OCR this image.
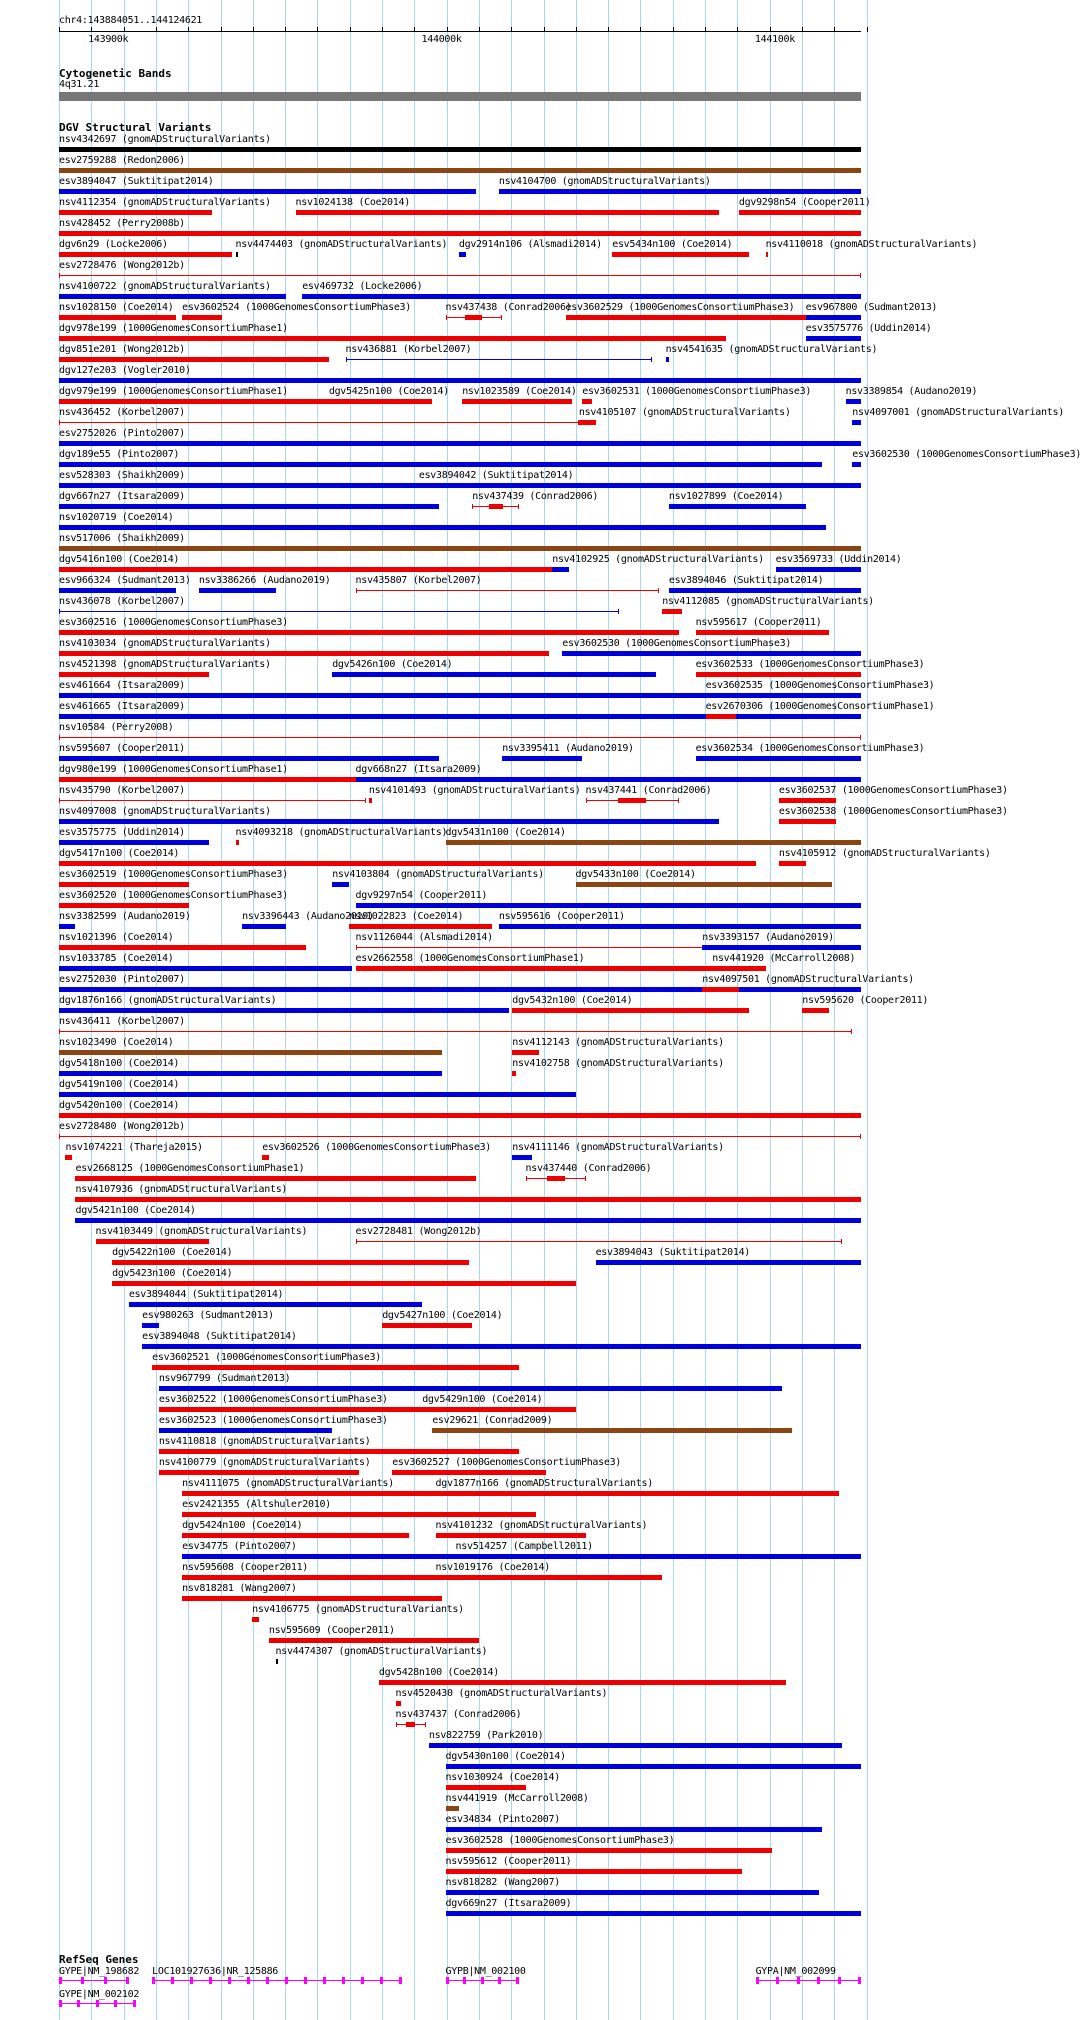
chr4:143884051..144124621
143900k	144000k	144100k
Cytogenetic Bands
4q31.21
DGV Structural Variants
nsv4342697 (gnomADStructuralVariants)
esv2759288 (Redon2006)
esv3894047 (Suktitipat2014)	nsv4104700 (gnomADStructuralVariants)
nsv4112354 (gnomADStructuralVariants) nsv1024138 (Coe2014)	dgv9298n54 (Cooper2011)
nsv428452 (Perry2008b)
dgv6n29 (Locke2006)	nsv4474403 (gnomADStructuralVariants) dgv2914n106 (Alsmadi2014) esv5434n100 (Coe2014)	nsv4110018 (gnomADStructuralVariants)
esv2728476 (Wong2012b)
nsv4100722 (gnomADStructuralVariants)	esv469732 (Locke2006)
nsv1028150 (Coe2014) esv3602524 (1000GenomesConsortiumPhase3)	nsv437438 (Conrad2006)
esv3602529 (1000GenomesConsortiumPhase3) esv967800 (Sudmant2013)
dgv978e199 (1000GenomesConsortiumPhase1)	esv3575776 (Uddin2014)
dgv851e201 (Wong2012b)	nsv436881 (Korbel2007)	nsv4541635 (gnomADStructuralVariants)
dgv127e203 (Vogler2010)
dgv979e199 (1000GenomesConsortiumPhase1)	dgv5425n100 (Coe2014) nsv1023589 (Coe2014) esv3602531 (1000GenomesConsortiumPhase3)	nsv3389854 (Audano2019)
nsv436452 (Korbel2007)	nsv4105107 (gnomADStructuralVariants)	nsv4097001 (gnomADStructuralVariants)
esv2752026 (Pinto2007)
dgv189e55 (Pinto2007)	esv3602530 (1000GenomesConsortiumPhase3)
esv528303 (Shaikh2009)	esv3894042 (Suktitipat2014)
dgv667n27 (Itsara2009)	nsv437439 (Conrad2006)	nsv1027899 (Coe2014)
nsv1020719 (Coe2014)
nsv517006 (Shaikh2009)
dgv5416n100 (Coe2014)	nsv4102925 (gnomADStructuralVariants) esv3569733 (Uddin2014)
esv966324 (Sudmant2013) nsv3386266 (Audano2019)	nsv435807 (Korbel2007)	esv3894046 (Suktitipat2014)
nsv436078 (Korbel2007)	nsv4112085 (gnomADStructuralVariants)
esv3602516 (1000GenomesConsortiumPhase3)	nsv595617 (Cooper2011)
nsv4103034 (gnomADStructuralVariants)	esv3602530 (1000GenomesConsortiumPhase3)
nsv4521398 (gnomADStructuralVariants)	dgv5426n100 (Coe2014)	esv3602533 (1000GenomesConsortiumPhase3)
esv461664 (Itsara2009)	esv3602535 (1000GenomesConsortiumPhase3)
esv461665 (Itsara2009)	esv2670306 (1000GenomesConsortiumPhase1)
nsv10584 (Perry2008)
nsv595607 (Cooper2011)	nsv3395411 (Audano2019)	esv3602534 (1000GenomesConsortiumPhase3)
dgv980e199 (1000GenomesConsortiumPhase1)	dgv668n27 (Itsara2009)
nsv435790 (Korbel2007)	nsv4101493 (gnomADStructuralVariants) nsv437441 (Conrad2006)	esv3602537 (1000GenomesConsortiumPhase3)
nsv4097008 (gnomADStructuralVariants)	esv3602538 (1000GenomesConsortiumPhase3)
esv3575775 (Uddin2014)	nsv4093218 (gnomADStructuralVariants)
dgv5431n100 (Coe2014)
dgv5417n100 (Coe2014)	nsv4105912 (gnomADStructuralVariants)
esv3602519 (1000GenomesConsortiumPhase3)	nsv4103804 (gnomADStructuralVariants)	dgv5433n100 (Coe2014)
esv3602520 (1000GenomesConsortiumPhase3)	dgv9297n54 (Cooper2011)
nsv3382599 (Audano2019)	nsv3396443 (Audano2019)
nsv1022823 (Coe2014)	nsv595616 (Cooper2011)
nsv1021396 (Coe2014)	nsv1126044 (Alsmadi2014)	nsv3393157 (Audano2019)
nsv1033785 (Coe2014)	esv2662558 (1000GenomesConsortiumPhase1)	nsv441920 (McCarroll2008)
esv2752030 (Pinto2007)	nsv4097501 (gnomADStructuralVariants)
dgv1876n166 (gnomADStructuralVariants)	dgv5432n100 (Coe2014)	nsv595620 (Cooper2011)
nsv436411 (Korbel2007)
nsv1023490 (Coe2014)	nsv4112143 (gnomADStructuralVariants)
dgv5418n100 (Coe2014)	nsv4102758 (gnomADStructuralVariants)
dgv5419n100 (Coe2014)
dgv5420n100 (Coe2014)
esv2728480 (Wong2012b)
nsv1074221 (Thareja2015)	esv3602526 (1000GenomesConsortiumPhase3) nsv4111146 (gnomADStructuralVariants)
esv2668125 (1000GenomesConsortiumPhase1)	nsv437440 (Conrad2006)
nsv4107936 (gnomADStructuralVariants)
dgv5421n100 (Coe2014)
nsv4103449 (gnomADStructuralVariants)	esv2728481 (Wong2012b)
dgv5422n100 (Coe2014)	esv3894043 (Suktitipat2014)
dgv5423n100 (Coe2014)
esv3894044 (Suktitipat2014)
esv980263 (Sudmant2013)	dgv5427n100 (Coe2014)
esv3894048 (Suktitipat2014)
esv3602521 (1000GenomesConsortiumPhase3)
nsv967799 (Sudmant2013)
esv3602522 (1000GenomesConsortiumPhase3)	dgv5429n100 (Coe2014)
esv3602523 (1000GenomesConsortiumPhase3)	esv29621 (Conrad2009)
nsv4110818 (gnomADStructuralVariants)
nsv4100779 (gnomADStructuralVariants) esv3602527 (1000GenomesConsortiumPhase3)
nsv4111075 (gnomADStructuralVariants)	dgv1877n166 (gnomADStructuralVariants)
esv2421355 (Altshuler2010)
dgv5424n100 (Coe2014)	nsv4101232 (gnomADStructuralVariants)
esv34775 (Pinto2007)	nsv514257 (Campbell2011)
nsv595608 (Cooper2011)	nsv1019176 (Coe2014)
nsv818281 (Wang2007)
nsv4106775 (gnomADStructuralVariants)
nsv595609 (Cooper2011)
nsv4474307 (gnomADStructuralVariants)
dgv5428n100 (Coe2014)
nsv4520430 (gnomADStructuralVariants)
nsv437437 (Conrad2006)
nsv822759 (Park2010)
dgv5430n100 (Coe2014)
nsv1030924 (Coe2014)
nsv441919 (McCarroll2008)
esv34834 (Pinto2007)
esv3602528 (1000GenomesConsortiumPhase3)
nsv595612 (Cooper2011)
nsv818282 (Wang2007)
dgv669n27 (Itsara2009)
RefSeq Genes
GYPE|NM_198682 LOC101927636|NR_125886	GYPB|NM_002100	GYPA|NM_002099
GYPE|NM_002102
